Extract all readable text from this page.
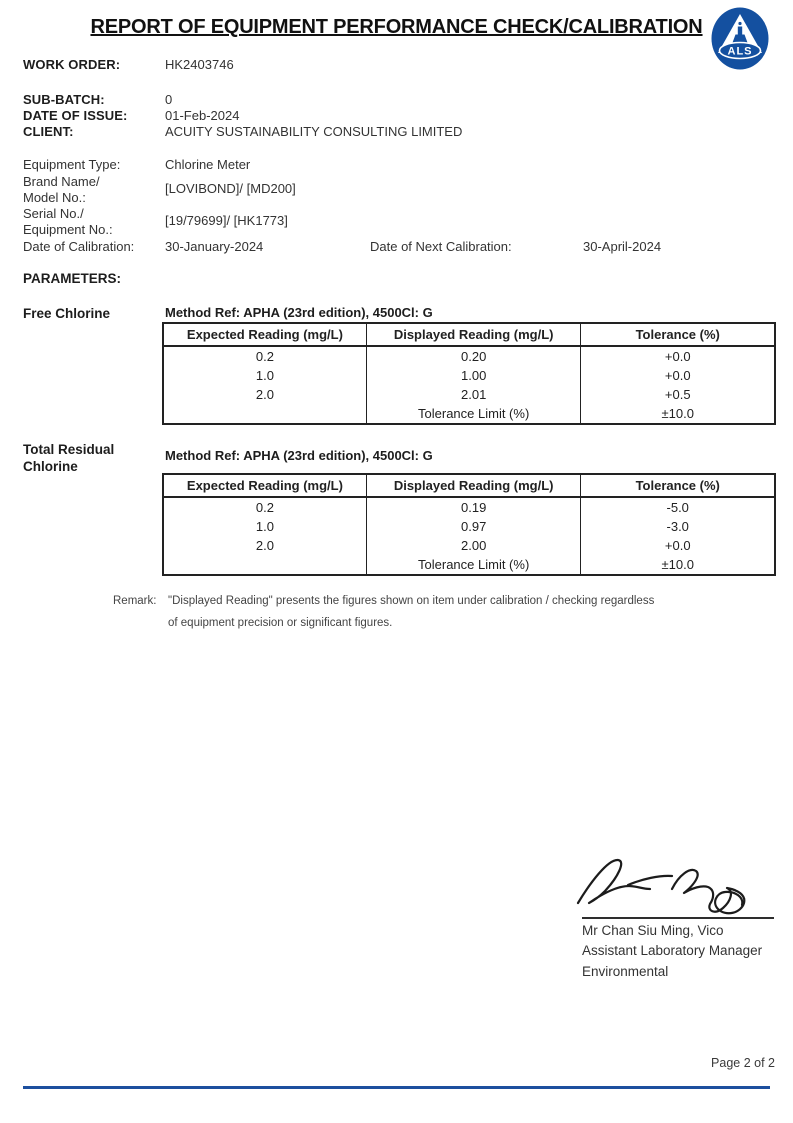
REPORT OF EQUIPMENT PERFORMANCE CHECK/CALIBRATION
ALS
WORK ORDER:	HK2403746
SUB-BATCH:	0
DATE OF ISSUE:	01-Feb-2024
CLIENT:	ACUITY SUSTAINABILITY CONSULTING LIMITED
Equipment Type:	Chlorine Meter
Brand Name/
Model No.:
[LOVIBOND]/ [MD200]
Serial No./
Equipment No.:
[19/79699]/ [HK1773]
Date of Calibration: 30-January-2024	Date of Next Calibration:	30-April-2024
PARAMETERS:
Free Chlorine	Method Ref: APHA (23rd edition), 4500Cl: G
Expected Reading (mg/L)	Displayed Reading (mg/L)	Tolerance (%)
0.2	0.20	+0.0
1.0	1.00	+0.0
2.0	2.01	+0.5
	Tolerance Limit (%)	±10.0
Total Residual Chlorine
Method Ref: APHA (23rd edition), 4500Cl: G
Expected Reading (mg/L)	Displayed Reading (mg/L)	Tolerance (%)
0.2	0.19	-5.0
1.0	0.97	-3.0
2.0	2.00	+0.0
	Tolerance Limit (%)	±10.0
Remark: "Displayed Reading" presents the figures shown on item under calibration / checking regardless
of equipment precision or significant figures.
Mr Chan Siu Ming, Vico
Assistant Laboratory Manager
Environmental
Page 2 of 2
